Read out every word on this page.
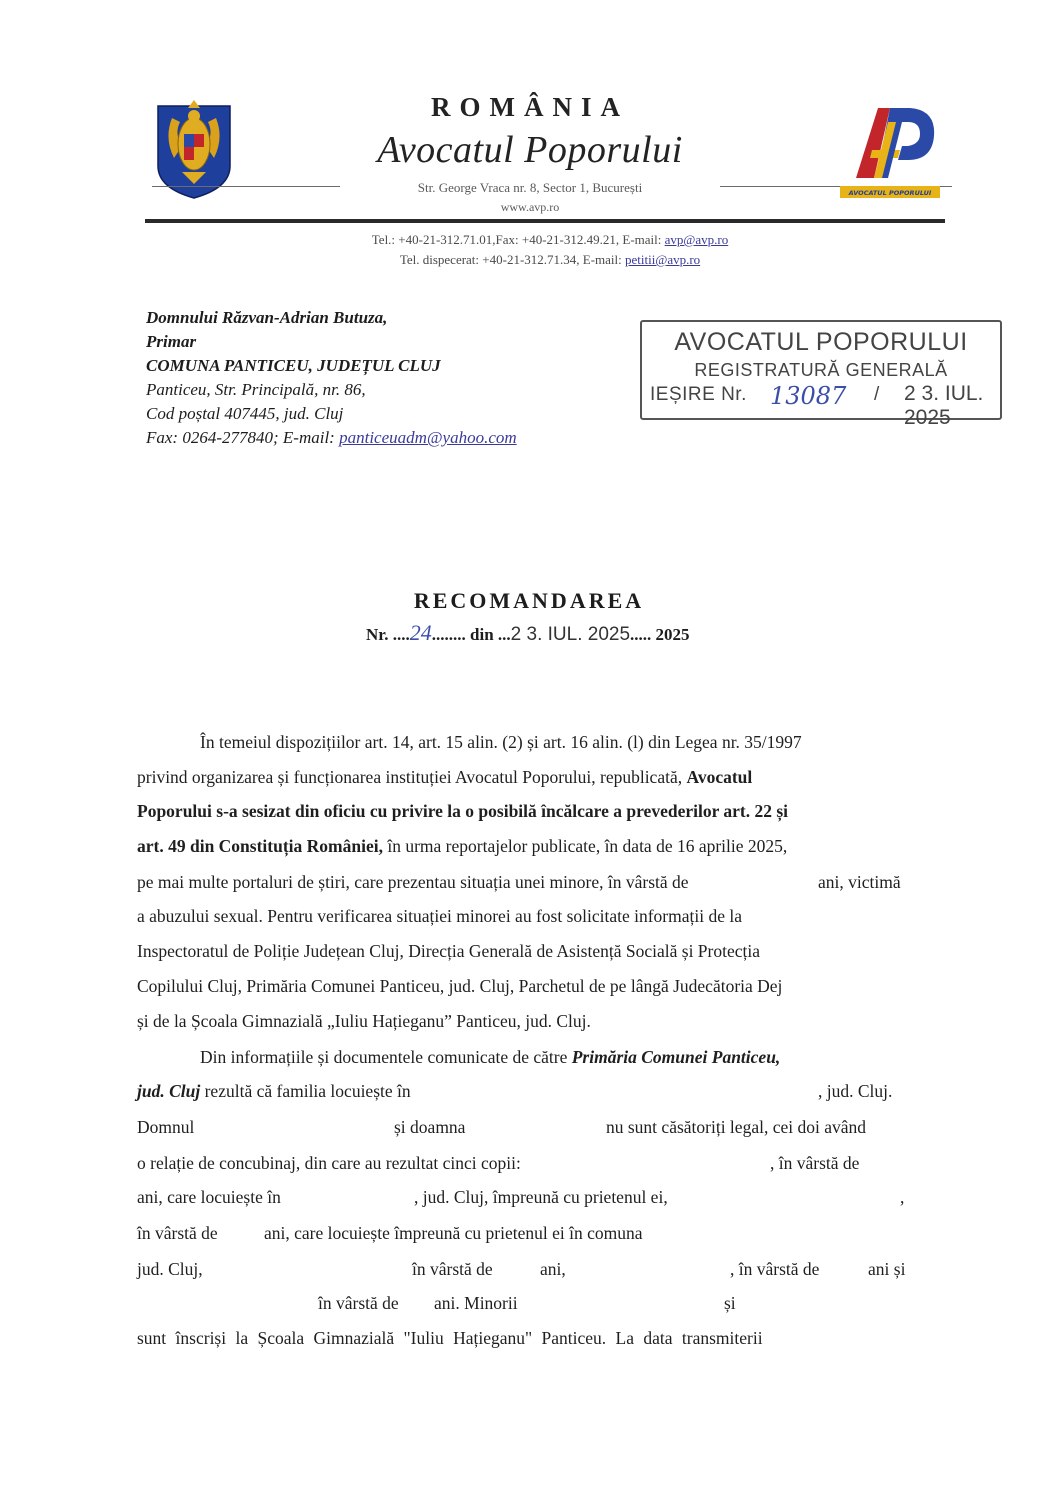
ROMÂNIA
Avocatul Poporului
Str. George Vraca nr. 8, Sector 1, București
www.avp.ro
AVOCATUL POPORULUI
Tel.: +40-21-312.71.01,Fax: +40-21-312.49.21, E-mail: avp@avp.ro
Tel. dispecerat: +40-21-312.71.34, E-mail: petitii@avp.ro
Domnului Răzvan-Adrian Butuza,
Primar
COMUNA PANTICEU, JUDEȚUL CLUJ
Panticeu, Str. Principală, nr. 86,
Cod poștal 407445, jud. Cluj
Fax: 0264-277840; E-mail: panticeuadm@yahoo.com
AVOCATUL POPORULUI
REGISTRATURĂ GENERALĂ
IEȘIRE Nr. 13087 / 2 3. IUL. 2025
RECOMANDAREA
Nr. ....24........ din ...2 3. IUL. 2025..... 2025
În temeiul dispozițiilor art. 14, art. 15 alin. (2) și art. 16 alin. (l) din Legea nr. 35/1997
privind organizarea și funcționarea instituției Avocatul Poporului, republicată, Avocatul
Poporului s-a sesizat din oficiu cu privire la o posibilă încălcare a prevederilor art. 22 și
art. 49 din Constituția României, în urma reportajelor publicate, în data de 16 aprilie 2025,
pe mai multe portaluri de știri, care prezentau situația unei minore, în vârstă de	ani, victimă
a abuzului sexual. Pentru verificarea situației minorei au fost solicitate informații de la
Inspectoratul de Poliție Județean Cluj, Direcția Generală de Asistență Socială și Protecția
Copilului Cluj, Primăria Comunei Panticeu, jud. Cluj, Parchetul de pe lângă Judecătoria Dej
și de la Școala Gimnazială „Iuliu Hațieganu” Panticeu, jud. Cluj.
Din informațiile și documentele comunicate de către Primăria Comunei Panticeu,
jud. Cluj rezultă că familia locuiește în	, jud. Cluj.
Domnul	și doamna	nu sunt căsătoriți legal, cei doi având
o relație de concubinaj, din care au rezultat cinci copii:	, în vârstă de
ani, care locuiește în	, jud. Cluj, împreună cu prietenul ei,	,
în vârstă de	ani, care locuiește împreună cu prietenul ei în comuna
jud. Cluj,	în vârstă de	ani,	, în vârstă de	ani și
în vârstă de ani. Minorii	și
sunt înscriși la Școala Gimnazială "Iuliu Hațieganu" Panticeu. La data transmiterii
